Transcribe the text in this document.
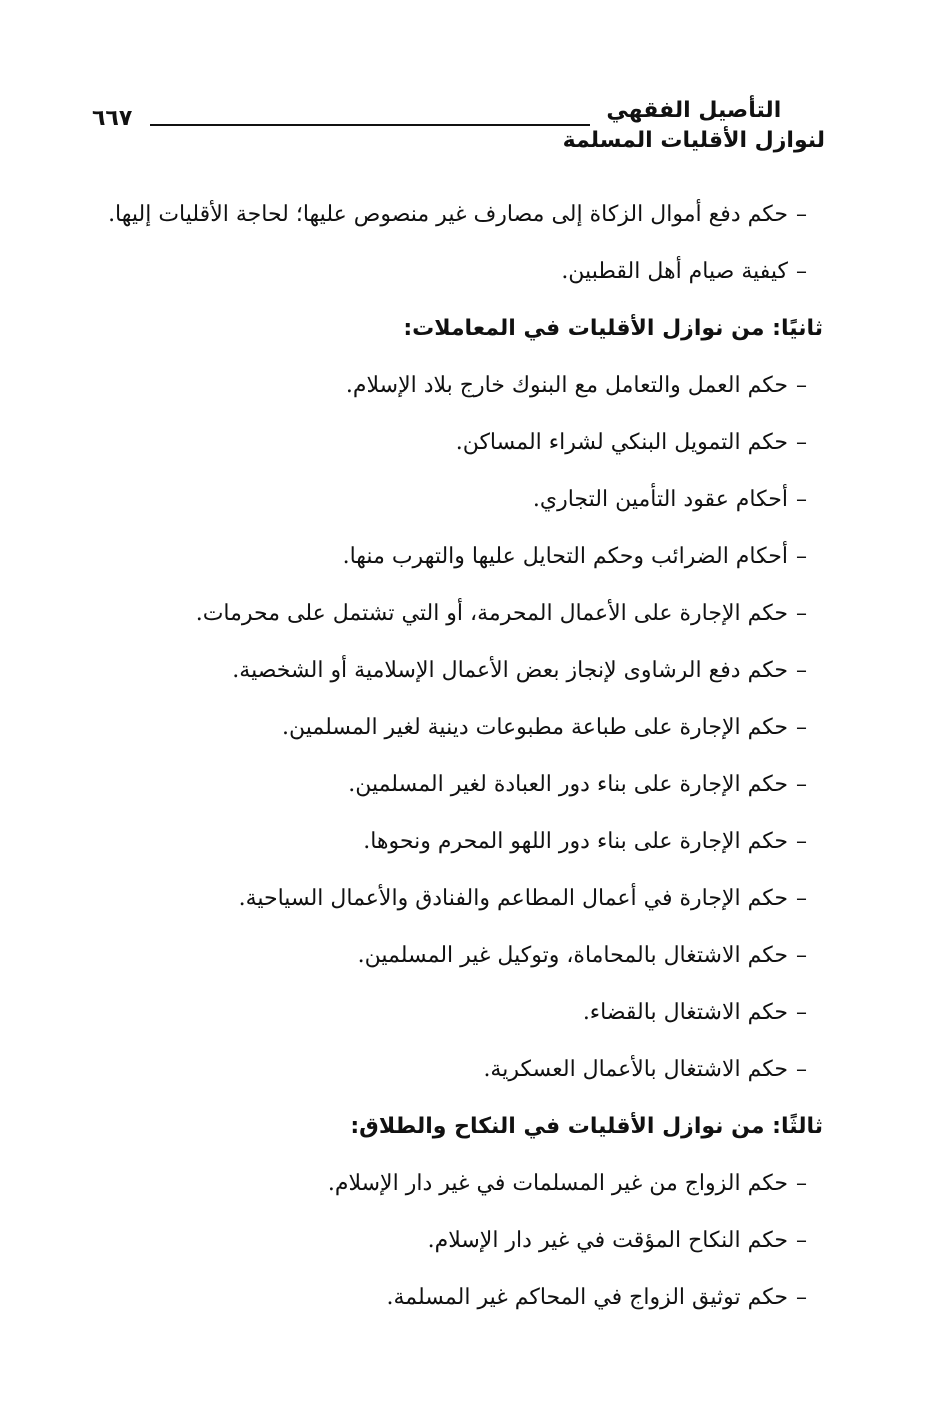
التأصيل الفقهي
لنوازل الأقليات المسلمة
٦٦٧
–حكم دفع أموال الزكاة إلى مصارف غير منصوص عليها؛ لحاجة الأقليات إليها.
–كيفية صيام أهل القطبين.
ثانيًا: من نوازل الأقليات في المعاملات:
–حكم العمل والتعامل مع البنوك خارج بلاد الإسلام.
–حكم التمويل البنكي لشراء المساكن.
–أحكام عقود التأمين التجاري.
–أحكام الضرائب وحكم التحايل عليها والتهرب منها.
–حكم الإجارة على الأعمال المحرمة، أو التي تشتمل على محرمات.
–حكم دفع الرشاوى لإنجاز بعض الأعمال الإسلامية أو الشخصية.
–حكم الإجارة على طباعة مطبوعات دينية لغير المسلمين.
–حكم الإجارة على بناء دور العبادة لغير المسلمين.
–حكم الإجارة على بناء دور اللهو المحرم ونحوها.
–حكم الإجارة في أعمال المطاعم والفنادق والأعمال السياحية.
–حكم الاشتغال بالمحاماة، وتوكيل غير المسلمين.
–حكم الاشتغال بالقضاء.
–حكم الاشتغال بالأعمال العسكرية.
ثالثًا: من نوازل الأقليات في النكاح والطلاق:
–حكم الزواج من غير المسلمات في غير دار الإسلام.
–حكم النكاح المؤقت في غير دار الإسلام.
–حكم توثيق الزواج في المحاكم غير المسلمة.
